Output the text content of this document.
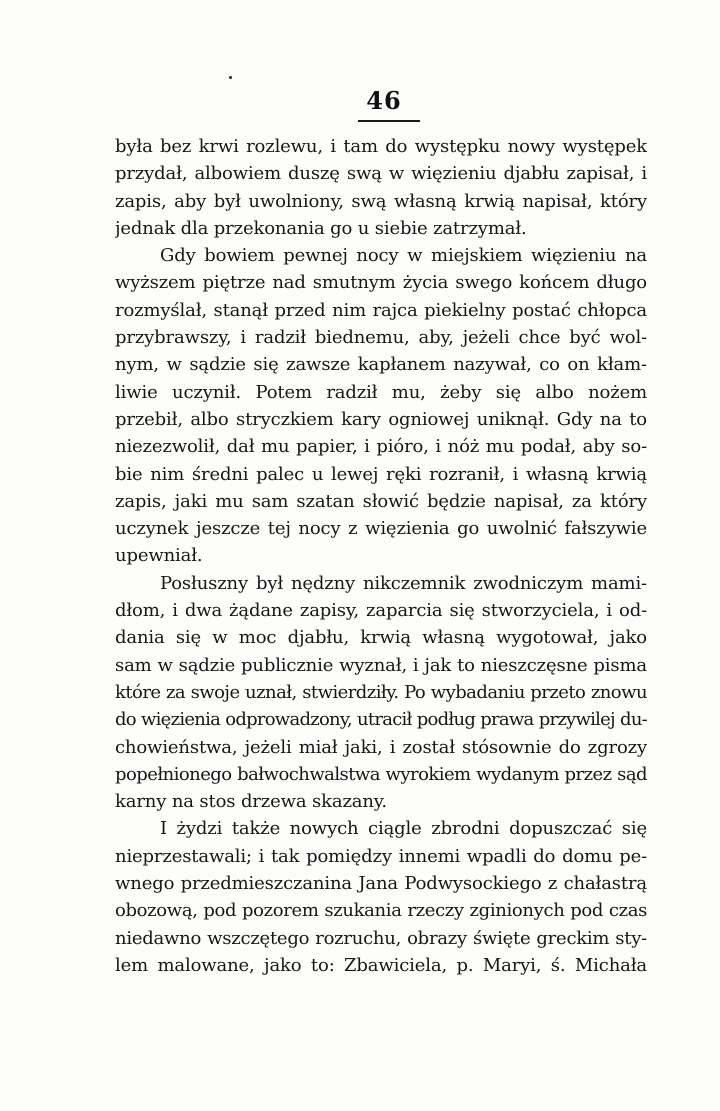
46
była bez krwi rozlewu, i tam do występku nowy występek
przydał, albowiem duszę swą w więzieniu djabłu zapisał, i
zapis, aby był uwolniony, swą własną krwią napisał, który
jednak dla przekonania go u siebie zatrzymał.
Gdy bowiem pewnej nocy w miejskiem więzieniu na
wyższem piętrze nad smutnym życia swego końcem długo
rozmyślał, stanął przed nim rajca piekielny postać chłopca
przybrawszy, i radził biednemu, aby, jeżeli chce być wol-
nym, w sądzie się zawsze kapłanem nazywał, co on kłam-
liwie uczynił. Potem radził mu, żeby się albo nożem
przebił, albo stryczkiem kary ogniowej uniknął. Gdy na to
niezezwolił, dał mu papier, i pióro, i nóż mu podał, aby so-
bie nim średni palec u lewej ręki rozranił, i własną krwią
zapis, jaki mu sam szatan słowić będzie napisał, za który
uczynek jeszcze tej nocy z więzienia go uwolnić fałszywie
upewniał.
Posłuszny był nędzny nikczemnik zwodniczym mami-
dłom, i dwa żądane zapisy, zaparcia się stworzyciela, i od-
dania się w moc djabłu, krwią własną wygotował, jako
sam w sądzie publicznie wyznał, i jak to nieszczęsne pisma
które za swoje uznał, stwierdziły. Po wybadaniu przeto znowu
do więzienia odprowadzony, utracił podług prawa przywilej du-
chowieństwa, jeżeli miał jaki, i został stósownie do zgrozy
popełnionego bałwochwalstwa wyrokiem wydanym przez sąd
karny na stos drzewa skazany.
I żydzi także nowych ciągle zbrodni dopuszczać się
nieprzestawali; i tak pomiędzy innemi wpadli do domu pe-
wnego przedmieszczanina Jana Podwysockiego z chałastrą
obozową, pod pozorem szukania rzeczy zginionych pod czas
niedawno wszczętego rozruchu, obrazy święte greckim sty-
lem malowane, jako to: Zbawiciela, p. Maryi, ś. Michała
